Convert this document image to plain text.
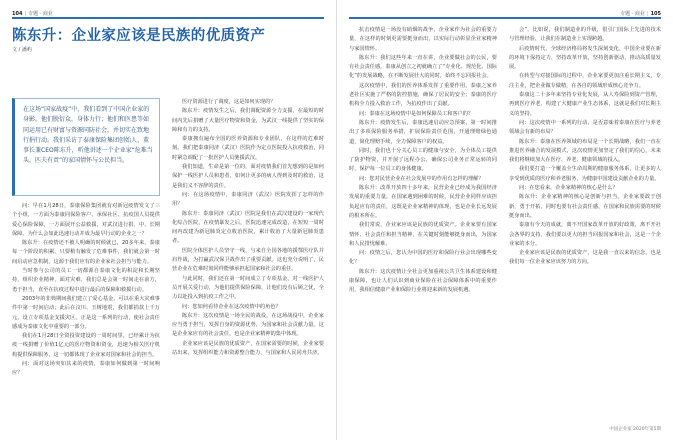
104 | 专题 · 商业
陈东升：企业家应该是民族的优质资产
文 / 潘屿
在这场“国家战疫”中，我们看到了中国企业家的身影。他们脱衍众，身体力行；他们和医患等如同运用已有财富与资源同防社会，并切实在致地行捐行动。我们采访了泰康保险集团创始人、董事长兼CEO陈东升，听他讲述一个企业家“危难当头，匹夫有责”的家国情怀与公民担当。

问：早在1月28日，泰康保险集团就有对新冠疫情发文了三个小组，一方面为泰康同保险客户、承保社区、抗疫国人员提供爱心保险保障，一方面展开公益救援，对武汉进行捐、中、长期保障。为什么会如此迅速行动并成为最早行动的企业之一？

陈东升：在疫情还不被人明确的时候就已，20多年来，泰康每一个阶段的积累，只要稍有触发了危难事件，我们就会第一时间启动应急机制，这源于我们应有的企业家社会担当与能力。

当时参与公司的员工一切都源自泰康文化的积淀和长期坚持，组织企业精神，面对灾难，我们总是会第一时间走在前方，勇于担当，直至在抗疫过程中进行最后的保障和救援行动。

2003年的非典期间我们建立了爱心基金，可以在重大灾难事件中第一时间启动；此后在汶川、玉树地震，我们都捐款上千万元，设立专项基金支援灾区。正是这一系列的行动，使社会责任感成为泰康文化中重要的一部分。

我们在1月28日全资投资建设的一周时间里，已经累计为抗疫一线捐赠了价值1亿元的医疗物资和资金，迅速为相关医疗机构提供保障服务，这一切都体现了企业家对国家和社会的担当。

问：面对这场突如其来的疫情，泰康如何做到第一时间响应？

医疗资源进行了调度，这是如何实现的？

陈东升：疫情发生之后，我们调配资源全力支援，在最短的时间内先后捐赠了大量医疗物资和资金，为武汉一线提供了坚实的保障和有力的支持。

泰康拥有遍布全国的医养资源和专业团队，在这样的危难时刻，我们把泰康同济（武汉）医院作为定点医院投入抗疫救治，同时紧急调配了一批医护人员驰援武汉。

我们知道，生命是第一位的，面对疫情我们首先想到的是如何保护一线医护人员和患者，如何让更多的病人得到及时的救治，这是我们义不容辞的责任。

问：在这场疫情中，泰康同济（武汉）医院发挥了怎样的作用？

陈东升：泰康同济（武汉）医院是我们在武汉建设的一家现代化综合医院，在疫情暴发之后，医院迅速完成改造，在短短一周时间内改建为新冠肺炎定点收治医院，累计收治了大量新冠肺炎患者。

医院全体医护人员坚守一线，与来自全国各地的援鄂医疗队并肩作战，为打赢武汉保卫战作出了重要贡献。这也充分说明了，民营企业在危难时刻同样能够承担起国家和社会的重任。

与此同时，我们还在第一时间成立了专项基金，对一线医护人员开展关爱行动，为他们提供保险保障，让他们没有后顾之忧，全力以赴投入到抗疫工作之中。

问：您如何看待企业在这次疫情中的角色？

陈东升：这次疫情是一场全民的战役，在这场战役中，企业家应当勇于担当，发挥自身的资源优势，为国家和社会贡献力量。这是企业家应有的社会责任，也是企业家精神的集中体现。

企业家应该是民族的优质资产，在国家需要的时候，企业家要站出来，发挥组织能力和资源整合能力，与国家和人民同舟共济。

专题 · 商业 | 105

抗击疫情是一场没有硝烟的战争，企业家作为社会的重要力量，在这样的时刻更需要挺身而出，以实际行动彰显企业家精神与家国情怀。

陈东升：我们这些年来一直在讲，企业要做社会的公民，要有社会责任感。泰康从创立之初就确立了“专业化、规范化、国际化”的发展战略，在不断发展壮大的同时，始终不忘回报社会。

这次疫情中，我们的医养体系发挥了重要作用。泰康之家养老社区实施了严格的防控措施，确保了居民的安全；泰康的医疗机构全力投入救治工作，为抗疫作出了贡献。

问：泰康在这场疫情中是如何保障员工和客户的？

陈东升：疫情发生后，泰康迅速启动应急预案，第一时间推出了多项保险服务举措，扩展保险责任范围，开通理赔绿色通道，简化理赔手续，全力保障客户的权益。

同时，我们也十分关心员工的健康与安全，为全体员工提供了防护物资，并开展了远程办公，确保公司业务正常运转的同时，保护每一位员工的身体健康。

问：您对民营企业在社会发展中的作用有怎样的理解？

陈东升：改革开放四十多年来，民营企业已经成为我国经济发展的重要力量。在国家遇到困难的时候，民营企业同样应该担负起应有的责任，这既是企业家精神的体现，也是企业长远发展的根本所在。

我们常说，企业家应该是民族的优质资产。企业家要有国家情怀、社会责任和担当精神，在关键时刻能够挺身而出，为国家和人民排忧解难。

问：疫情之后，您认为中国的医疗和保险行业会出现哪些变化？

陈东升：这次疫情让全社会更加重视公共卫生体系建设和健康保障，也让人们认识到商业保险在社会保障体系中的重要作用，我相信健康产业和保险行业将迎来新的发展机遇。

会”。比如说，我们制造业的升级，很引门国际上先进的技术与管理经验，让我们在制造业上实现跨越。

后疫情时代，全球经济格局将发生深刻变化，中国企业要在新的环境下保持定力，坚持改革开放，坚持创新驱动，推动高质量发展。

在转型与对接国际的过程中，企业家要更加注重长期主义，专注主业，把企业做专做精，在各自的领域形成核心竞争力。

泰康这二十多年来坚持专业化发展，从人寿保险到资产管理，再到医疗养老，构建了大健康产业生态体系，这就是我们对长期主义的坚持。

问：这次疫情中一系列的行动，是否意味着泰康在医疗与养老领域会有新的布局？

陈东升：泰康在医养领域的布局是一个长期战略，我们一直在推进医养融合的发展模式，这次疫情更加坚定了我们的信心，未来我们将继续加大在医疗、养老、健康领域的投入。

我们要打造一个覆盖全生命周期的健康服务体系，让更多的人享受到优质的医疗和养老服务，为健康中国建设贡献企业的力量。

问：在您看来，企业家精神的核心是什么？

陈东升：企业家精神的核心是创新与担当。企业家要敢于创新，勇于开拓，同时也要有社会责任感，在国家和民族需要的时候挺身而出。

泰康有今天的成就，离不开国家改革开放的好政策，离不开社会各界的支持。我们要以更大的担当回报国家和社会，这是一个企业家的本分。

企业家应该是民族的优质资产，这是我一直以来的信念，也是我们每一位企业家应该努力的方向。

中国企业家 2020年第5期
